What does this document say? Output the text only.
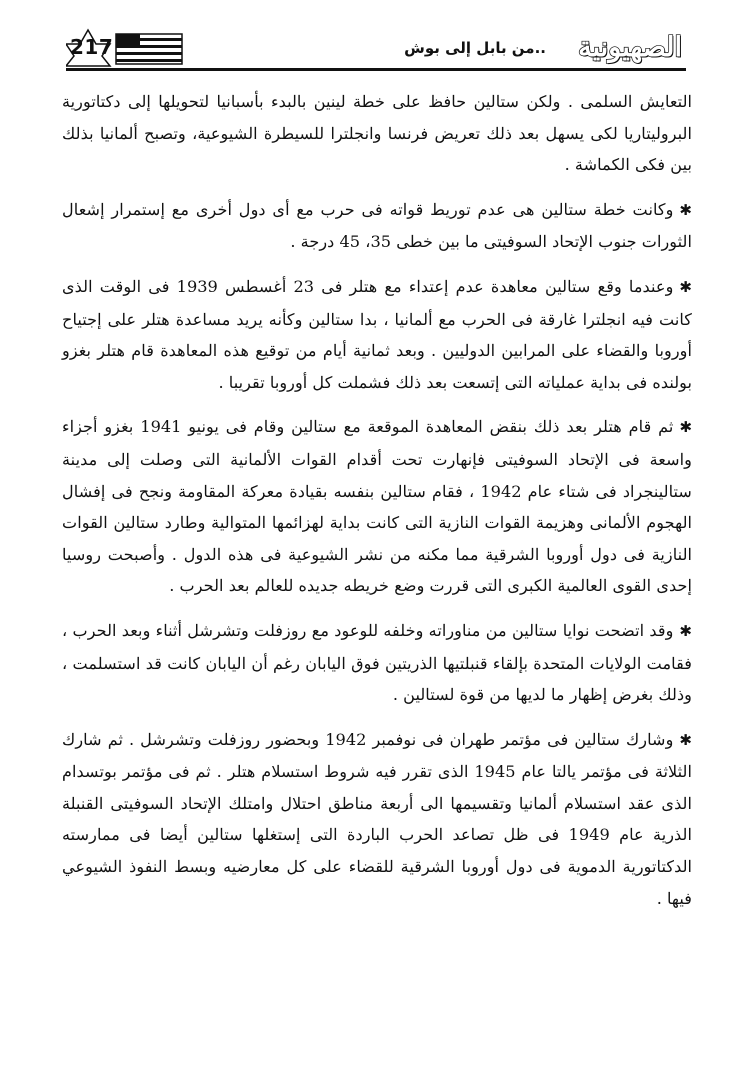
217	..من بابل إلى بوش الصهيونية

التعايش السلمى . ولكن ستالين حافظ على خطة لينين بالبدء بأسبانيا لتحويلها إلى دكتاتورية البروليتاريا لكى يسهل بعد ذلك تعريض فرنسا وانجلترا للسيطرة الشيوعية، وتصبح ألمانيا بذلك بين فكى الكماشة .

✱وكانت خطة ستالين هى عدم توريط قواته فى حرب مع أى دول أخرى مع إستمرار إشعال الثورات جنوب الإتحاد السوفيتى ما بين خطى 35، 45 درجة .

✱وعندما وقع ستالين معاهدة عدم إعتداء مع هتلر فى 23 أغسطس 1939 فى الوقت الذى كانت فيه انجلترا غارقة فى الحرب مع ألمانيا ، بدا ستالين وكأنه يريد مساعدة هتلر على إجتياح أوروبا والقضاء على المرابين الدوليين . وبعد ثمانية أيام من توقيع هذه المعاهدة قام هتلر بغزو بولنده فى بداية عملياته التى إتسعت بعد ذلك فشملت كل أوروبا تقريبا .

✱ثم قام هتلر بعد ذلك بنقض المعاهدة الموقعة مع ستالين وقام فى يونيو 1941 بغزو أجزاء واسعة فى الإتحاد السوفيتى فإنهارت تحت أقدام القوات الألمانية التى وصلت إلى مدينة ستالينجراد فى شتاء عام 1942 ، فقام ستالين بنفسه بقيادة معركة المقاومة ونجح فى إفشال الهجوم الألمانى وهزيمة القوات النازية التى كانت بداية لهزائمها المتوالية وطارد ستالين القوات النازية فى دول أوروبا الشرقية مما مكنه من نشر الشيوعية فى هذه الدول . وأصبحت روسيا إحدى القوى العالمية الكبرى التى قررت وضع خريطه جديده للعالم بعد الحرب .

✱وقد اتضحت نوايا ستالين من مناوراته وخلفه للوعود مع روزفلت وتشرشل أثناء وبعد الحرب ، فقامت الولايات المتحدة بإلقاء قنبلتيها الذريتين فوق اليابان رغم أن اليابان كانت قد استسلمت ، وذلك بغرض إظهار ما لديها من قوة لستالين .

✱وشارك ستالين فى مؤتمر طهران فى نوفمبر 1942 وبحضور روزفلت وتشرشل . ثم شارك الثلاثة فى مؤتمر يالتا عام 1945 الذى تقرر فيه شروط استسلام هتلر . ثم فى مؤتمر بوتسدام الذى عقد استسلام ألمانيا وتقسيمها الى أربعة مناطق احتلال وامتلك الإتحاد السوفيتى القنبلة الذرية عام 1949 فى ظل تصاعد الحرب الباردة التى إستغلها ستالين أيضا فى ممارسته الدكتاتورية الدموية فى دول أوروبا الشرقية للقضاء على كل معارضيه وبسط النفوذ الشيوعي فيها .
